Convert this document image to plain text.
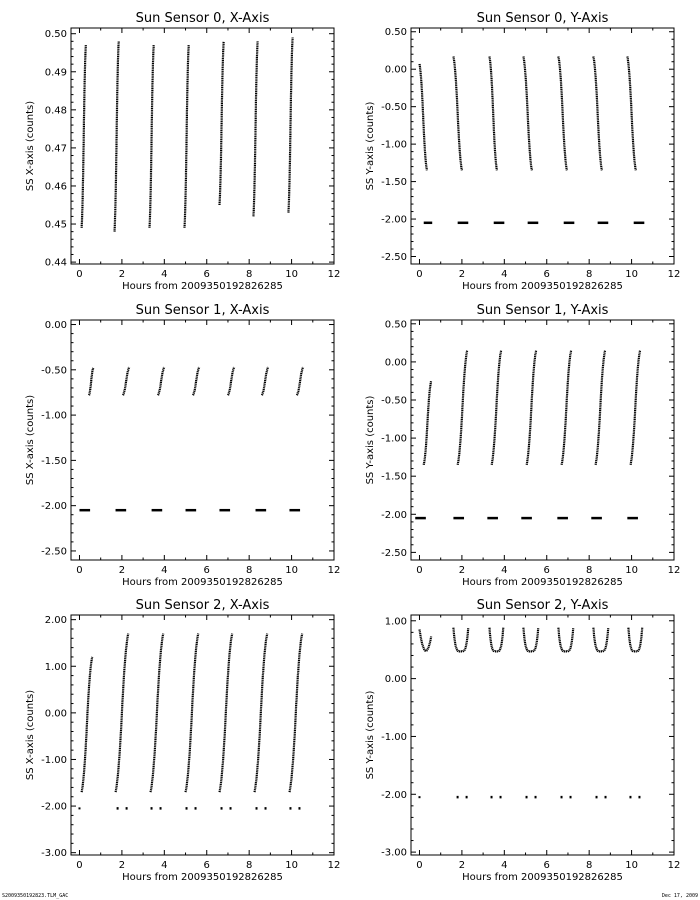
Sun Sensor 0, X-Axis
0	2	4	6	8	10	12
0.44
0.45
0.46
0.47
0.48
0.49
0.50
Hours from 2009350192826285
SS X-axis (counts)
Sun Sensor 0, Y-Axis
0	2	4	6	8	10	12
-2.50
-2.00
-1.50
-1.00
-0.50
0.00
0.50
Hours from 2009350192826285
SS Y-axis (counts)
Sun Sensor 1, X-Axis
0	2	4	6	8	10	12
-2.50
-2.00
-1.50
-1.00
-0.50
0.00
Hours from 2009350192826285
SS X-axis (counts)
Sun Sensor 1, Y-Axis
0	2	4	6	8	10	12
-2.50
-2.00
-1.50
-1.00
-0.50
0.00
0.50
Hours from 2009350192826285
SS Y-axis (counts)
Sun Sensor 2, X-Axis
0	2	4	6	8	10	12
-3.00
-2.00
-1.00
0.00
1.00
2.00
Hours from 2009350192826285
SS X-axis (counts)
Sun Sensor 2, Y-Axis
0	2	4	6	8	10	12
-3.00
-2.00
-1.00
0.00
1.00
Hours from 2009350192826285
SS Y-axis (counts)
S2009350192823.TLM_GAC	Dec 17, 2009
